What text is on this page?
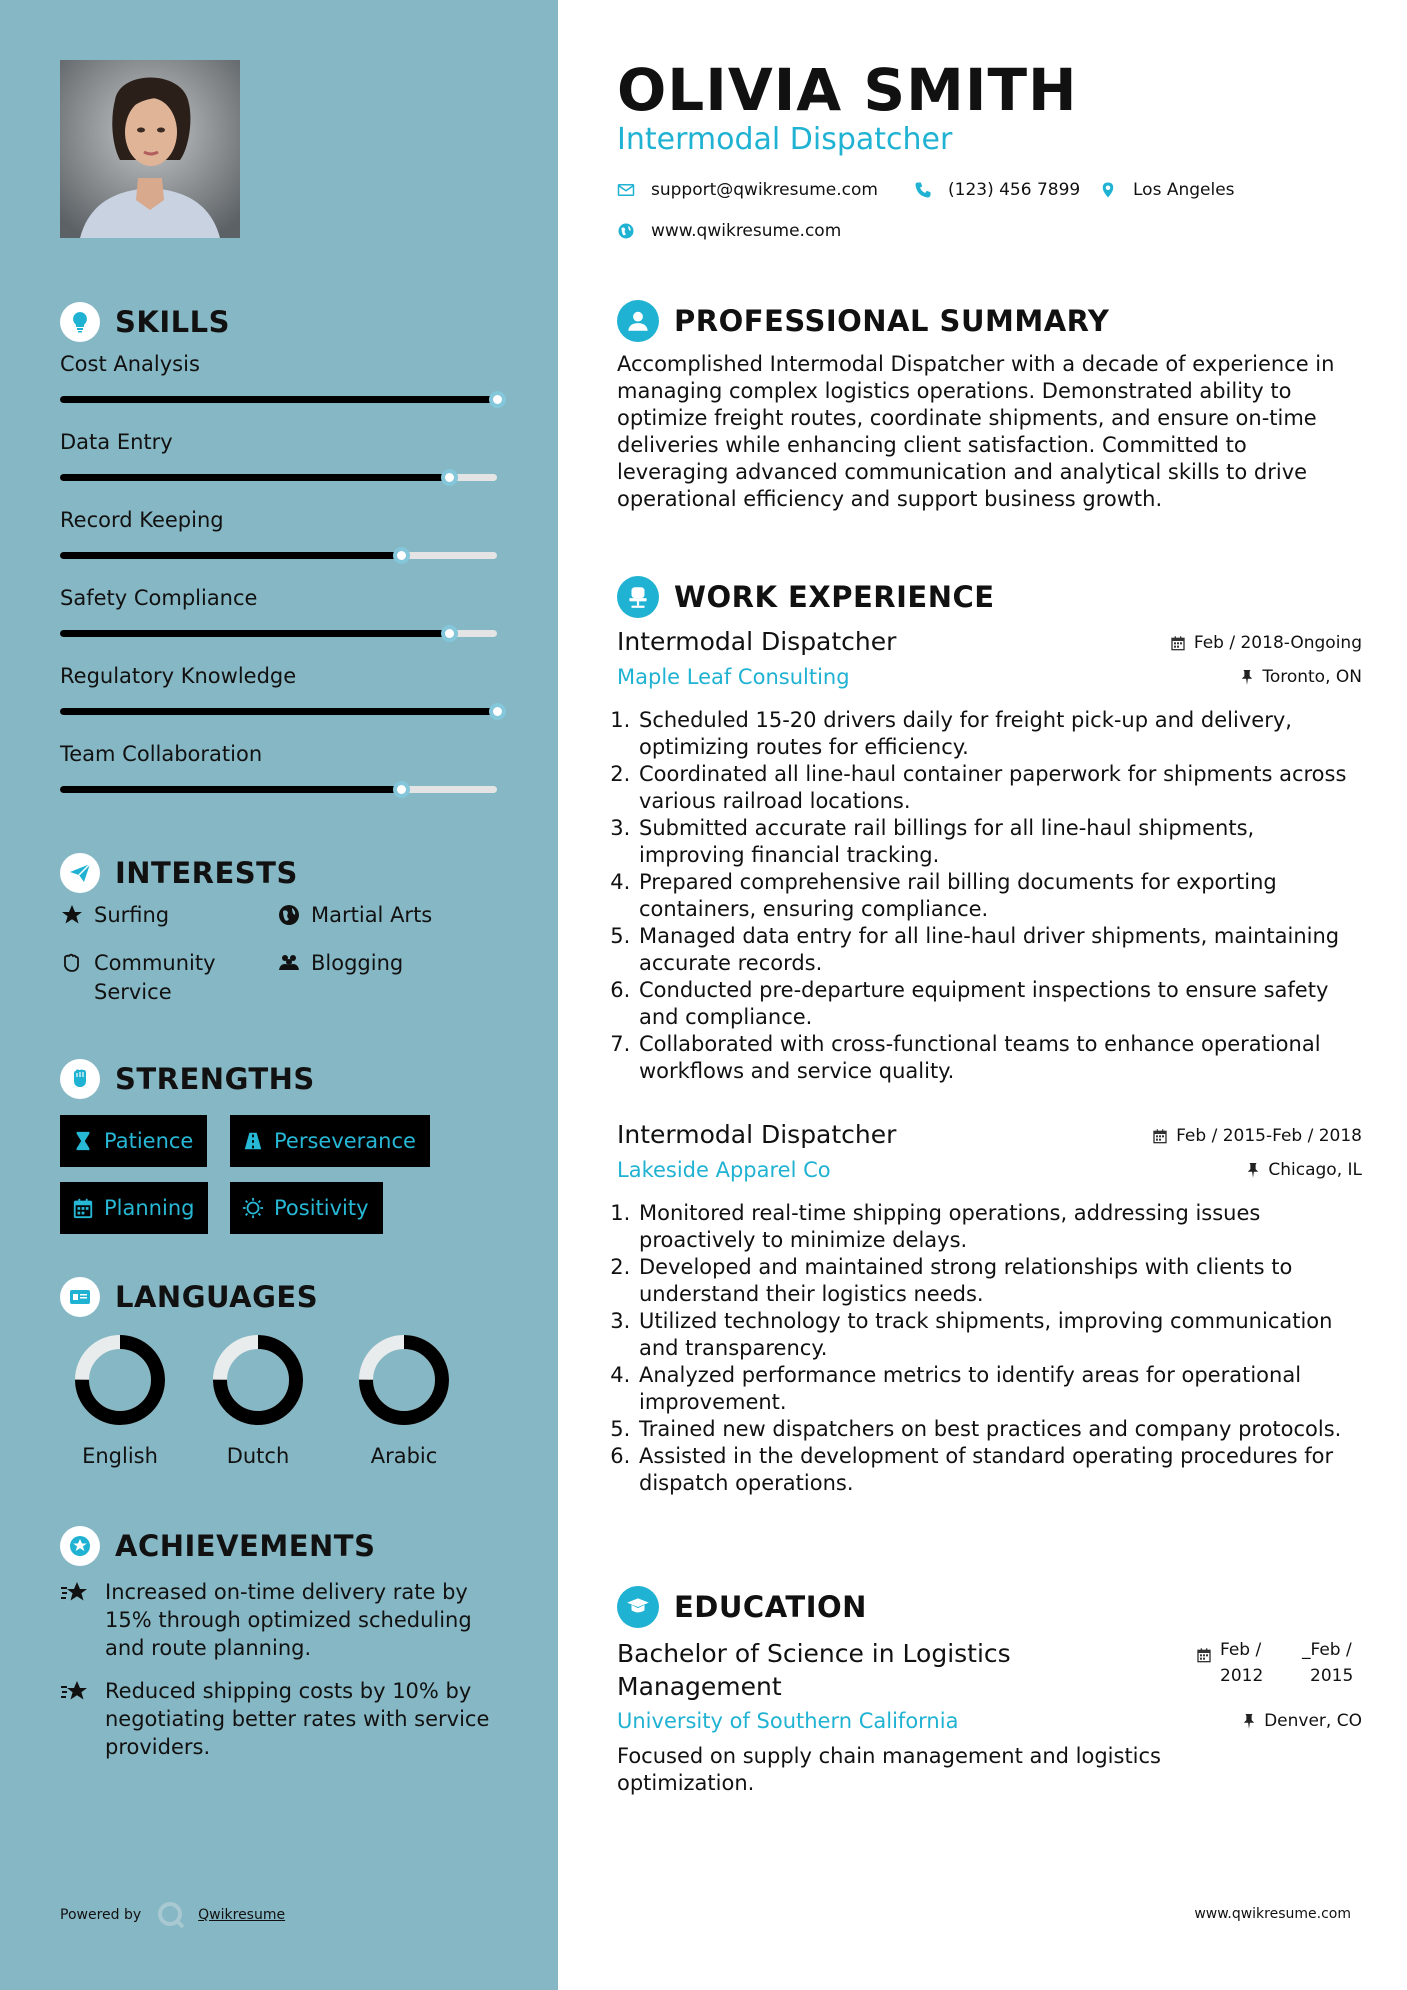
SKILLS
Cost Analysis
Data Entry
Record Keeping
Safety Compliance
Regulatory Knowledge
Team Collaboration
INTERESTS
Surfing	Martial Arts
Community Service
Blogging
STRENGTHS
Patience	Perseverance
Planning	Positivity
LANGUAGES
English	Dutch	Arabic
ACHIEVEMENTS
Increased on-time delivery rate by 15% through optimized scheduling and route planning.
Reduced shipping costs by 10% by negotiating better rates with service providers.
Powered by	Qwikresume
OLIVIA SMITH
Intermodal Dispatcher
support@qwikresume.com	(123) 456 7899	Los Angeles
www.qwikresume.com
PROFESSIONAL SUMMARY
Accomplished Intermodal Dispatcher with a decade of experience in managing complex logistics operations. Demonstrated ability to optimize freight routes, coordinate shipments, and ensure on-time deliveries while enhancing client satisfaction. Committed to leveraging advanced communication and analytical skills to drive operational efficiency and support business growth.
WORK EXPERIENCE
Intermodal Dispatcher	Feb / 2018-Ongoing
Maple Leaf Consulting	Toronto, ON
1. Scheduled 15-20 drivers daily for freight pick-up and delivery, optimizing routes for efficiency.
2. Coordinated all line-haul container paperwork for shipments across various railroad locations.
3. Submitted accurate rail billings for all line-haul shipments, improving financial tracking.
4. Prepared comprehensive rail billing documents for exporting containers, ensuring compliance.
5. Managed data entry for all line-haul driver shipments, maintaining accurate records.
6. Conducted pre-departure equipment inspections to ensure safety and compliance.
7. Collaborated with cross-functional teams to enhance operational workflows and service quality.
Intermodal Dispatcher	Feb / 2015-Feb / 2018
Lakeside Apparel Co	Chicago, IL
1. Monitored real-time shipping operations, addressing issues proactively to minimize delays.
2. Developed and maintained strong relationships with clients to understand their logistics needs.
3. Utilized technology to track shipments, improving communication and transparency.
4. Analyzed performance metrics to identify areas for operational improvement.
5. Trained new dispatchers on best practices and company protocols.
6. Assisted in the development of standard operating procedures for dispatch operations.
EDUCATION
Bachelor of Science in Logistics Management
Feb /
2012
_Feb /
2015
University of Southern California	Denver, CO
Focused on supply chain management and logistics optimization.
www.qwikresume.com
